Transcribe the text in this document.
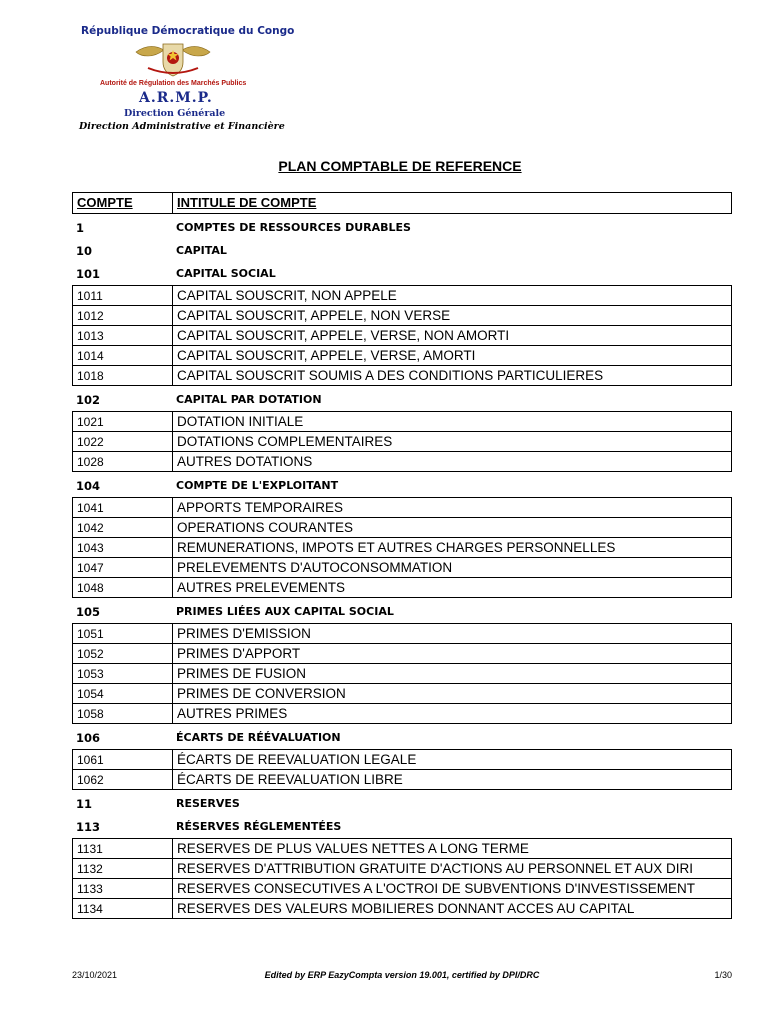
République Démocratique du Congo
Autorité de Régulation des Marchés Publics
A.R.M.P.
Direction Générale
Direction Administrative et Financière
PLAN COMPTABLE DE REFERENCE
COMPTE	INTITULE DE COMPTE
1	COMPTES DE RESSOURCES DURABLES
10	CAPITAL
101	CAPITAL SOCIAL
1011	CAPITAL SOUSCRIT, NON APPELE
1012	CAPITAL SOUSCRIT, APPELE, NON VERSE
1013	CAPITAL SOUSCRIT, APPELE, VERSE, NON AMORTI
1014	CAPITAL SOUSCRIT, APPELE, VERSE, AMORTI
1018	CAPITAL SOUSCRIT SOUMIS A DES CONDITIONS PARTICULIERES
102	CAPITAL PAR DOTATION
1021	DOTATION INITIALE
1022	DOTATIONS COMPLEMENTAIRES
1028	AUTRES DOTATIONS
104	COMPTE DE L'EXPLOITANT
1041	APPORTS TEMPORAIRES
1042	OPERATIONS COURANTES
1043	REMUNERATIONS, IMPOTS ET AUTRES CHARGES PERSONNELLES
1047	PRELEVEMENTS D'AUTOCONSOMMATION
1048	AUTRES PRELEVEMENTS
105	PRIMES LIÉES AUX CAPITAL SOCIAL
1051	PRIMES D'EMISSION
1052	PRIMES D'APPORT
1053	PRIMES DE FUSION
1054	PRIMES DE CONVERSION
1058	AUTRES PRIMES
106	ÉCARTS DE RÉÉVALUATION
1061	ÉCARTS DE REEVALUATION LEGALE
1062	ÉCARTS DE REEVALUATION LIBRE
11	RESERVES
113	RÉSERVES RÉGLEMENTÉES
1131	RESERVES DE PLUS VALUES NETTES A LONG TERME
1132	RESERVES D'ATTRIBUTION GRATUITE D'ACTIONS AU PERSONNEL ET AUX DIRI
1133	RESERVES CONSECUTIVES A L'OCTROI DE SUBVENTIONS D'INVESTISSEMENT
1134	RESERVES DES VALEURS MOBILIERES DONNANT ACCES AU CAPITAL
23/10/2021	Edited by ERP EazyCompta version 19.001, certified by DPI/DRC	1/30
